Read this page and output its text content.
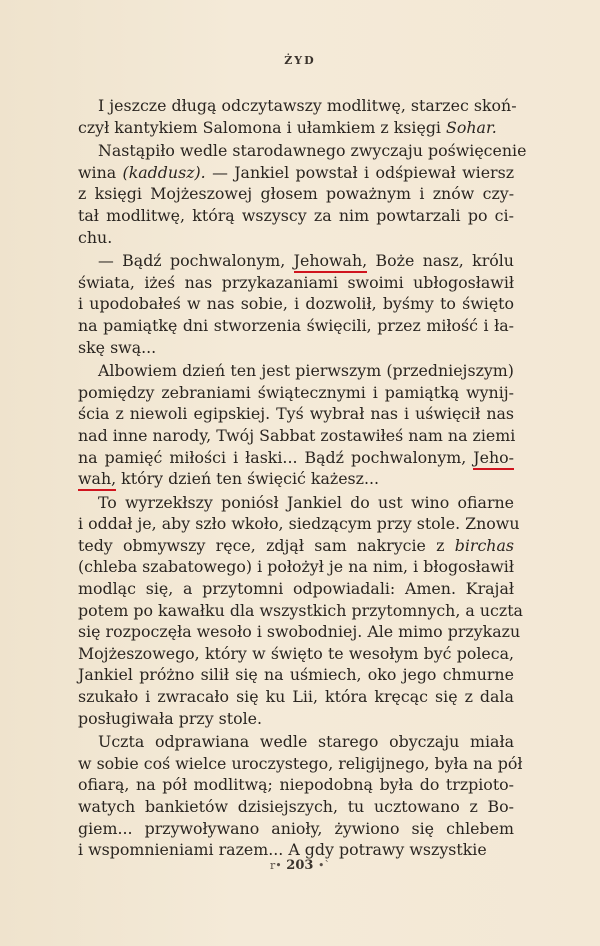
ŻYD
I jeszcze długą odczytawszy modlitwę, starzec skoń-
czył kantykiem Salomona i ułamkiem z księgi Sohar.
Nastąpiło wedle starodawnego zwyczaju poświęcenie
wina (kaddusz). — Jankiel powstał i odśpiewał wiersz
z księgi Mojżeszowej głosem poważnym i znów czy-
tał modlitwę, którą wszyscy za nim powtarzali po ci-
chu.
— Bądź pochwalonym, Jehowah, Boże nasz, królu
świata, iżeś nas przykazaniami swoimi ubłogosławił
i upodobałeś w nas sobie, i dozwolił, byśmy to święto
na pamiątkę dni stworzenia święcili, przez miłość i ła-
skę swą...
Albowiem dzień ten jest pierwszym (przedniejszym)
pomiędzy zebraniami świątecznymi i pamiątką wynij-
ścia z niewoli egipskiej. Tyś wybrał nas i uświęcił nas
nad inne narody, Twój Sabbat zostawiłeś nam na ziemi
na pamięć miłości i łaski... Bądź pochwalonym, Jeho-
wah, który dzień ten święcić każesz...
To wyrzekłszy poniósł Jankiel do ust wino ofiarne
i oddał je, aby szło wkoło, siedzącym przy stole. Znowu
tedy obmywszy ręce, zdjął sam nakrycie z birchas
(chleba szabatowego) i położył je na nim, i błogosławił
modląc się, a przytomni odpowiadali: Amen. Krajał
potem po kawałku dla wszystkich przytomnych, a uczta
się rozpoczęła wesoło i swobodniej. Ale mimo przykazu
Mojżeszowego, który w święto te wesołym być poleca,
Jankiel próżno silił się na uśmiech, oko jego chmurne
szukało i zwracało się ku Lii, która kręcąc się z dala
posługiwała przy stole.
Uczta odprawiana wedle starego obyczaju miała
w sobie coś wielce uroczystego, religijnego, była na pół
ofiarą, na pół modlitwą; niepodobną była do trzpioto-
watych bankietów dzisiejszych, tu ucztowano z Bo-
giem... przywoływano anioły, żywiono się chlebem
i wspomnieniami razem... A gdy potrawy wszystkie
r• 203 •`
